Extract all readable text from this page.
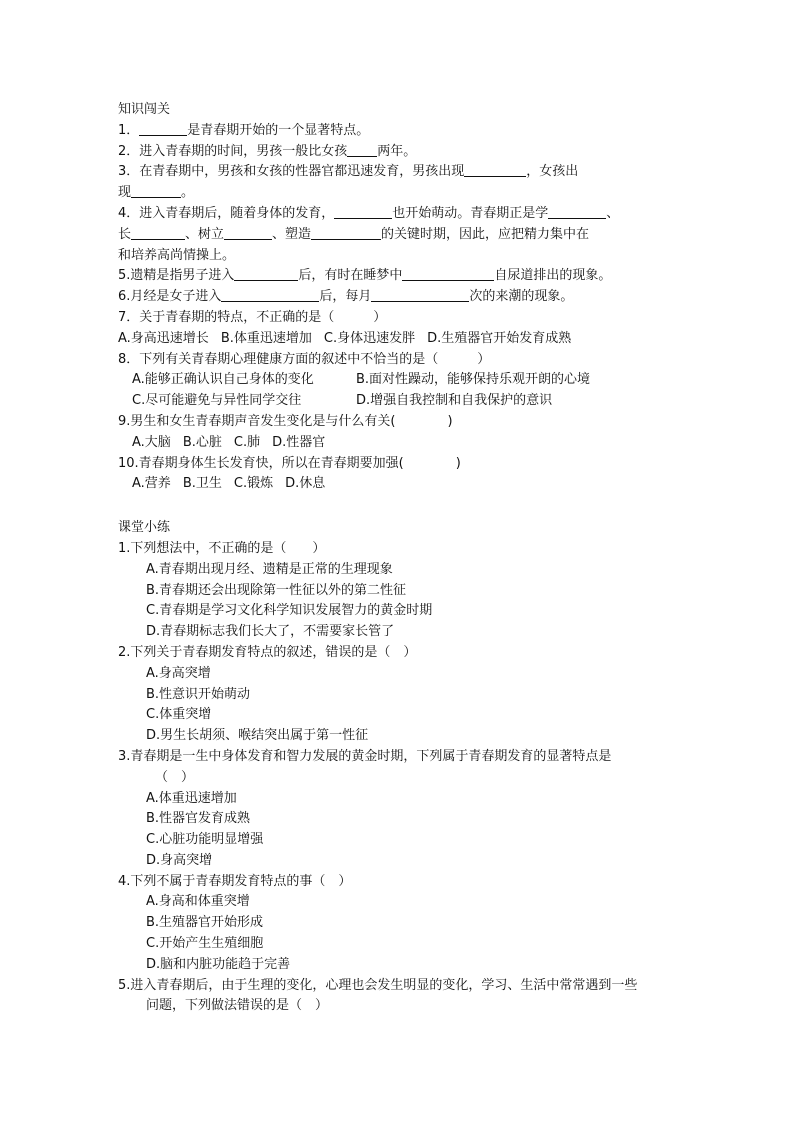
知识闯关
1．	是青春期开始的一个显著特点。
2．进入青春期的时间，男孩一般比女孩 两年。
3．在青春期中，男孩和女孩的性器官都迅速发育，男孩出现	，女孩出
现	。
4．进入青春期后，随着身体的发育，	也开始萌动。青春期正是学	、
长	、树立	、塑造	的关键时期，因此，应把精力集中在
和培养高尚情操上。
5.遗精是指男子进入	后，有时在睡梦中	自尿道排出的现象。
6.月经是女子进入	后，每月	次的来潮的现象。
7．关于青春期的特点，不正确的是（　　　）
A.身高迅速增长 B.体重迅速增加 C.身体迅速发胖 D.生殖器官开始发育成熟
8．下列有关青春期心理健康方面的叙述中不恰当的是（　　　）
A.能够正确认识自己身体的变化	B.面对性躁动，能够保持乐观开朗的心境
C.尽可能避免与异性同学交往	D.增强自我控制和自我保护的意识
9.男生和女生青春期声音发生变化是与什么有关(　　　　)
A.大脑 B.心脏 C.肺 D.性器官
10.青春期身体生长发育快，所以在青春期要加强(　　　　)
A.营养 B.卫生 C.锻炼 D.休息
课堂小练
1.下列想法中，不正确的是（　　）
A.青春期出现月经、遗精是正常的生理现象
B.青春期还会出现除第一性征以外的第二性征
C.青春期是学习文化科学知识发展智力的黄金时期
D.青春期标志我们长大了，不需要家长管了
2.下列关于青春期发育特点的叙述，错误的是（　）
A.身高突增
B.性意识开始萌动
C.体重突增
D.男生长胡须、喉结突出属于第一性征
3.青春期是一生中身体发育和智力发展的黄金时期，下列属于青春期发育的显著特点是
（　）
A.体重迅速增加
B.性器官发育成熟
C.心脏功能明显增强
D.身高突增
4.下列不属于青春期发育特点的事（　）
A.身高和体重突增
B.生殖器官开始形成
C.开始产生生殖细胞
D.脑和内脏功能趋于完善
5.进入青春期后，由于生理的变化，心理也会发生明显的变化，学习、生活中常常遇到一些
问题，下列做法错误的是（　）
